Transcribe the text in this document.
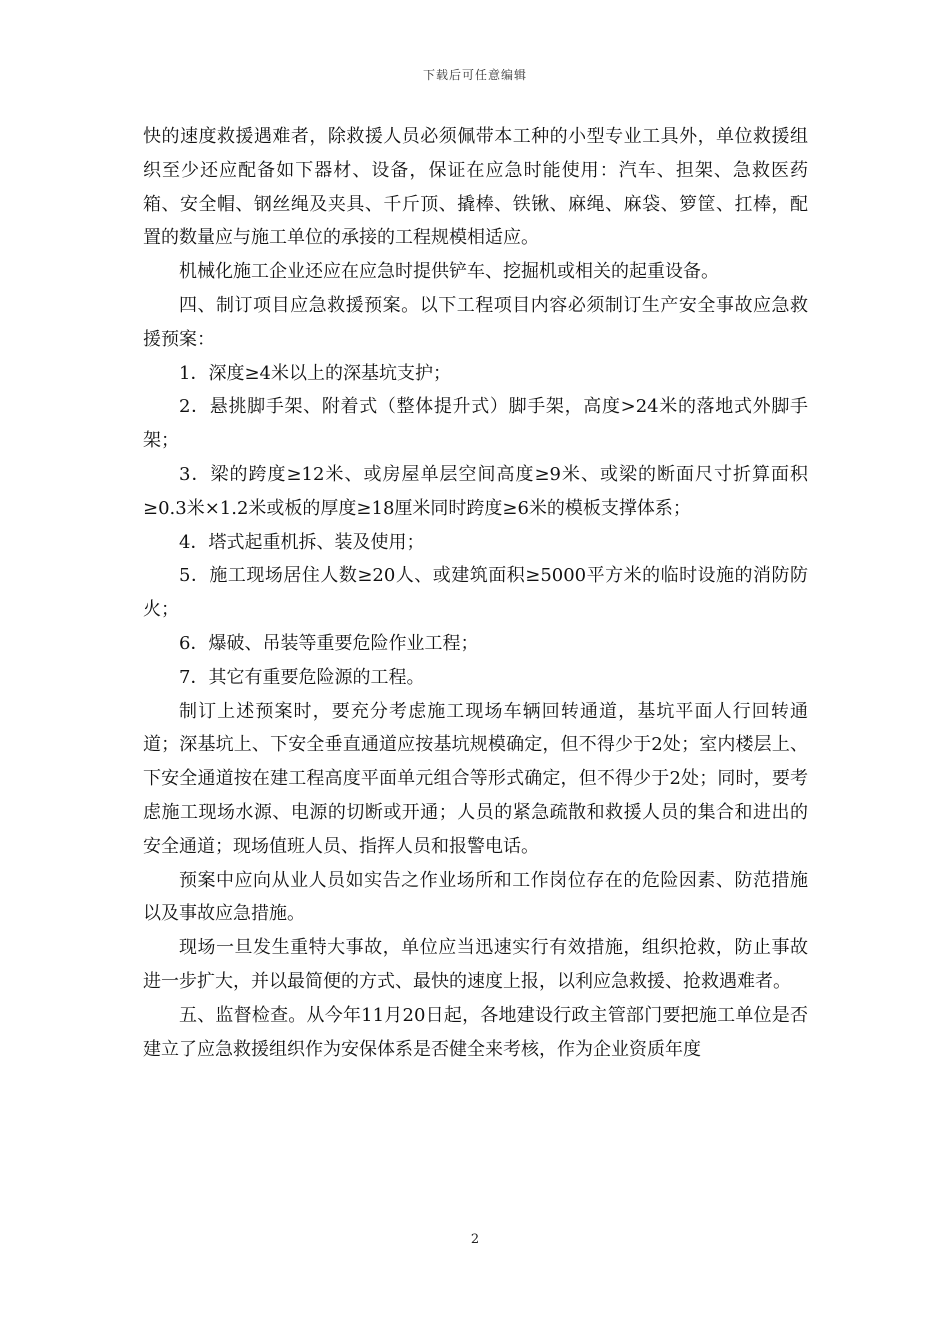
下载后可任意编辑

快的速度救援遇难者，除救援人员必须佩带本工种的小型专业工具外，单位救援组织至少还应配备如下器材、设备，保证在应急时能使用：汽车、担架、急救医药箱、安全帽、钢丝绳及夹具、千斤顶、撬棒、铁锹、麻绳、麻袋、箩筐、扛棒，配置的数量应与施工单位的承接的工程规模相适应。

机械化施工企业还应在应急时提供铲车、挖掘机或相关的起重设备。

四、制订项目应急救援预案。以下工程项目内容必须制订生产安全事故应急救援预案：

1．深度≥4米以上的深基坑支护；

2．悬挑脚手架、附着式（整体提升式）脚手架，高度>24米的落地式外脚手架；

3．梁的跨度≥12米、或房屋单层空间高度≥9米、或梁的断面尺寸折算面积≥0.3米×1.2米或板的厚度≥18厘米同时跨度≥6米的模板支撑体系；

4．塔式起重机拆、装及使用；

5．施工现场居住人数≥20人、或建筑面积≥5000平方米的临时设施的消防防火；

6．爆破、吊装等重要危险作业工程；

7．其它有重要危险源的工程。

制订上述预案时，要充分考虑施工现场车辆回转通道，基坑平面人行回转通道；深基坑上、下安全垂直通道应按基坑规模确定，但不得少于2处；室内楼层上、下安全通道按在建工程高度平面单元组合等形式确定，但不得少于2处；同时，要考虑施工现场水源、电源的切断或开通；人员的紧急疏散和救援人员的集合和进出的安全通道；现场值班人员、指挥人员和报警电话。

预案中应向从业人员如实告之作业场所和工作岗位存在的危险因素、防范措施以及事故应急措施。

现场一旦发生重特大事故，单位应当迅速实行有效措施，组织抢救，防止事故进一步扩大，并以最简便的方式、最快的速度上报，以利应急救援、抢救遇难者。

五、监督检查。从今年11月20日起，各地建设行政主管部门要把施工单位是否建立了应急救援组织作为安保体系是否健全来考核，作为企业资质年度

2
